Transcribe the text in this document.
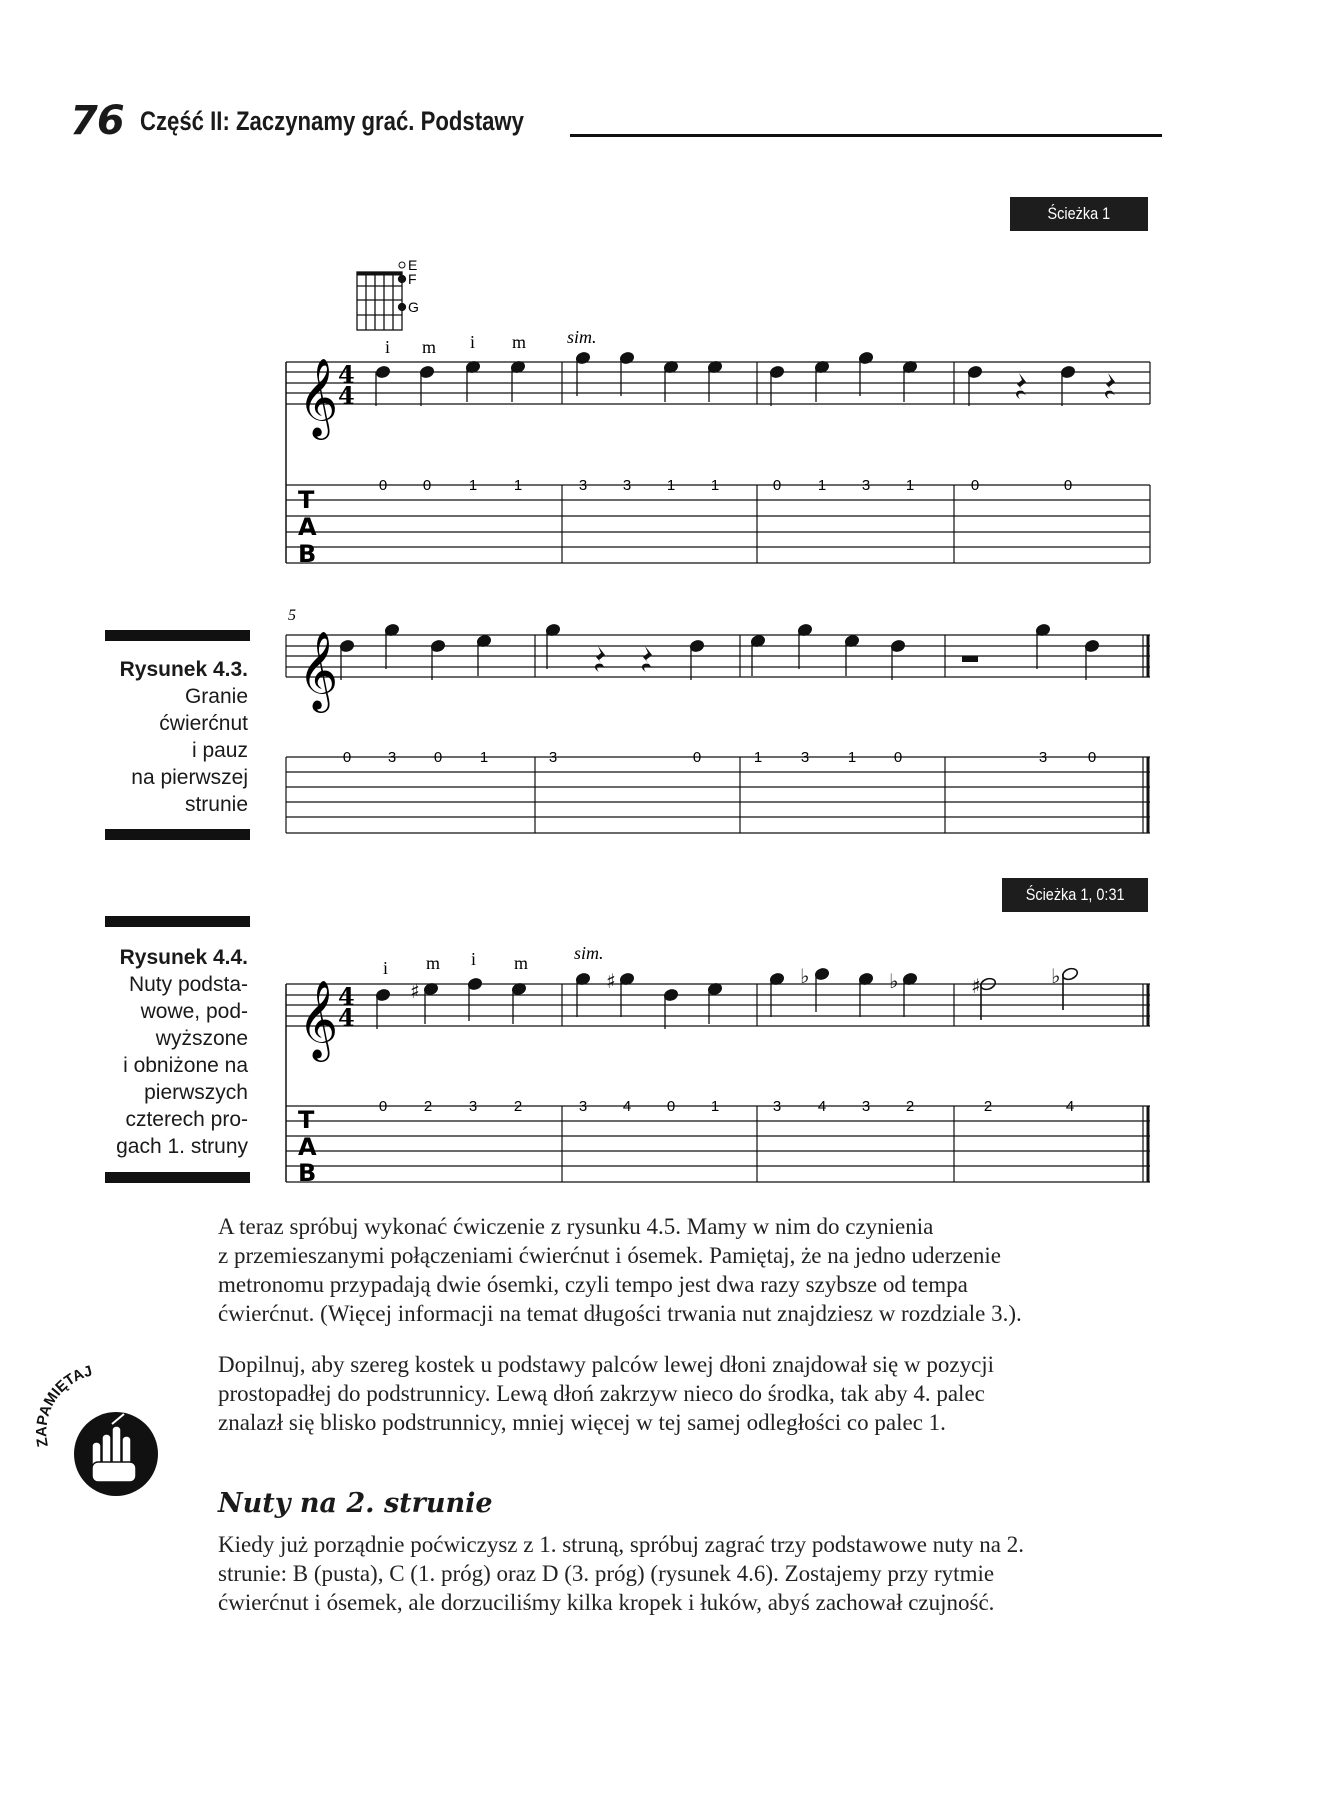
76 Część II: Zaczynamy grać. Podstawy
Ścieżka 1
Ścieżka 1, 0:31
E
F
G
i m i m sim.
𝄞 4
4
T
A
B
0 0	1 1	3 3 1 1	0 1 3 1	0	0
5
𝄞
0 3	0	1	3	0	1	3	1	0	3	0
i m i m	sim.
𝄞 4
4
♯	♯	♯
♭	♭	♭
T
A
B
0 2 3 2	3 4 0 1	3 4 3 2	2	4
Rysunek 4.3.
Granie
ćwierćnut
i pauz
na pierwszej
strunie
Rysunek 4.4.
Nuty podsta-
wowe, pod-
wyższone
i obniżone na
pierwszych
czterech pro-
gach 1. struny
A teraz spróbuj wykonać ćwiczenie z rysunku 4.5. Mamy w nim do czynienia
z przemieszanymi połączeniami ćwierćnut i ósemek. Pamiętaj, że na jedno uderzenie
metronomu przypadają dwie ósemki, czyli tempo jest dwa razy szybsze od tempa
ćwierćnut. (Więcej informacji na temat długości trwania nut znajdziesz w rozdziale 3.).
ZAPAMIĘTAJ	Dopilnuj, aby szereg kostek u podstawy palców lewej dłoni znajdował się w pozycji
prostopadłej do podstrunnicy. Lewą dłoń zakrzyw nieco do środka, tak aby 4. palec
znalazł się blisko podstrunnicy, mniej więcej w tej samej odległości co palec 1.
Nuty na 2. strunie
Kiedy już porządnie poćwiczysz z 1. struną, spróbuj zagrać trzy podstawowe nuty na 2.
strunie: B (pusta), C (1. próg) oraz D (3. próg) (rysunek 4.6). Zostajemy przy rytmie
ćwierćnut i ósemek, ale dorzuciliśmy kilka kropek i łuków, abyś zachował czujność.
